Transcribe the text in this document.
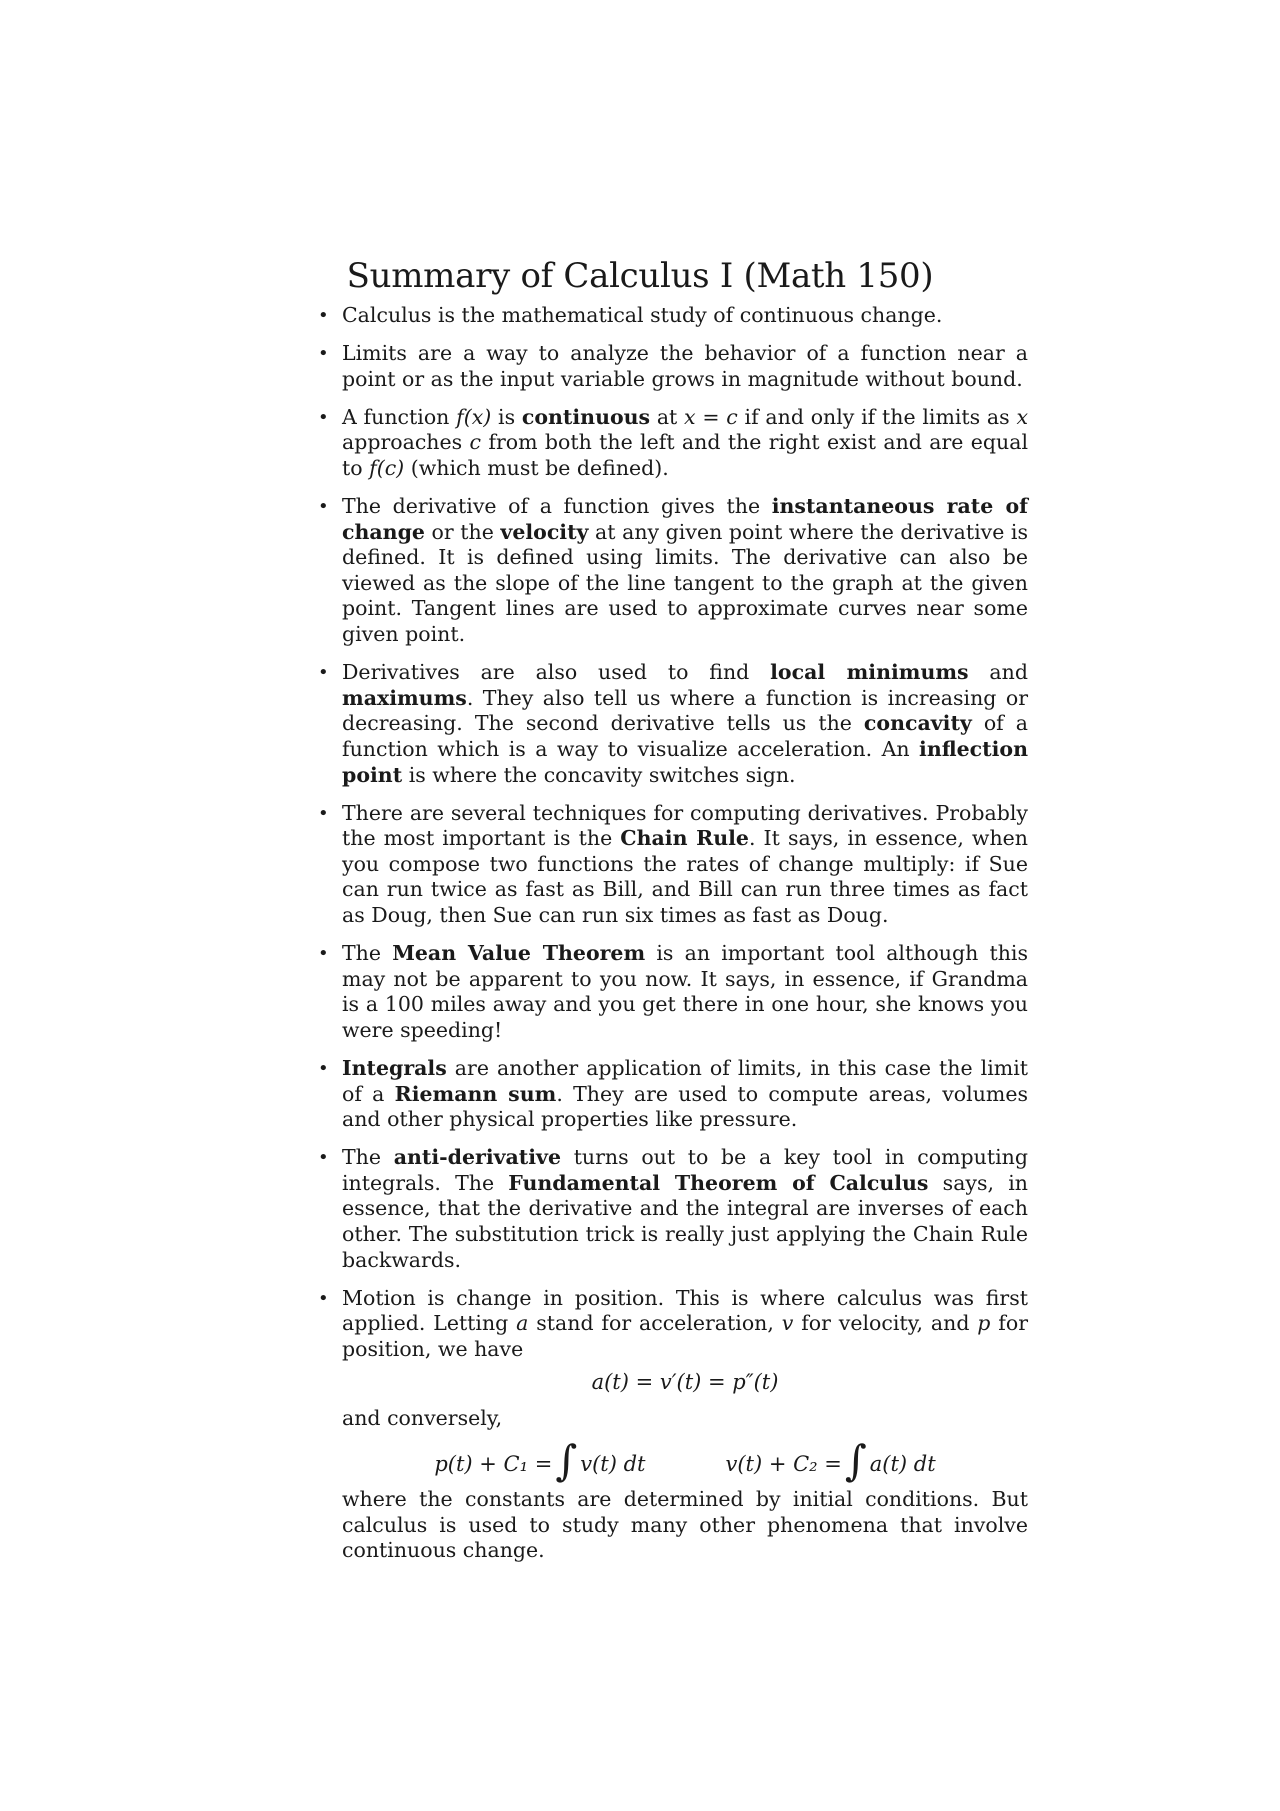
Summary of Calculus I (Math 150)
• Calculus is the mathematical study of continuous change.
• Limits are a way to analyze the behavior of a function near a point or as the input variable grows in magnitude without bound.
• A function f(x) is continuous at x = c if and only if the limits as x approaches c from both the left and the right exist and are equal to f(c) (which must be defined).
• The derivative of a function gives the instantaneous rate of change or the velocity at any given point where the derivative is defined. It is defined using limits. The derivative can also be viewed as the slope of the line tangent to the graph at the given point. Tangent lines are used to approximate curves near some given point.
• Derivatives are also used to find local minimums and maximums. They also tell us where a function is increasing or decreasing. The second derivative tells us the concavity of a function which is a way to visualize acceleration. An inflection point is where the concavity switches sign.
• There are several techniques for computing derivatives. Probably the most important is the Chain Rule. It says, in essence, when you compose two functions the rates of change multiply: if Sue can run twice as fast as Bill, and Bill can run three times as fact as Doug, then Sue can run six times as fast as Doug.
• The Mean Value Theorem is an important tool although this may not be apparent to you now. It says, in essence, if Grandma is a 100 miles away and you get there in one hour, she knows you were speeding!
• Integrals are another application of limits, in this case the limit of a Riemann sum. They are used to compute areas, volumes and other physical properties like pressure.
• The anti-derivative turns out to be a key tool in computing integrals. The Fundamental Theorem of Calculus says, in essence, that the derivative and the integral are inverses of each other. The substitution trick is really just applying the Chain Rule backwards.
• Motion is change in position. This is where calculus was first applied. Letting a stand for acceleration, v for velocity, and p for position, we have
a(t) = v′(t) = p″(t)
and conversely,
p(t) + C₁ =∫ v(t) dt	v(t) + C₂ =∫ a(t) dt
where the constants are determined by initial conditions. But calculus is used to study many other phenomena that involve continuous change.
